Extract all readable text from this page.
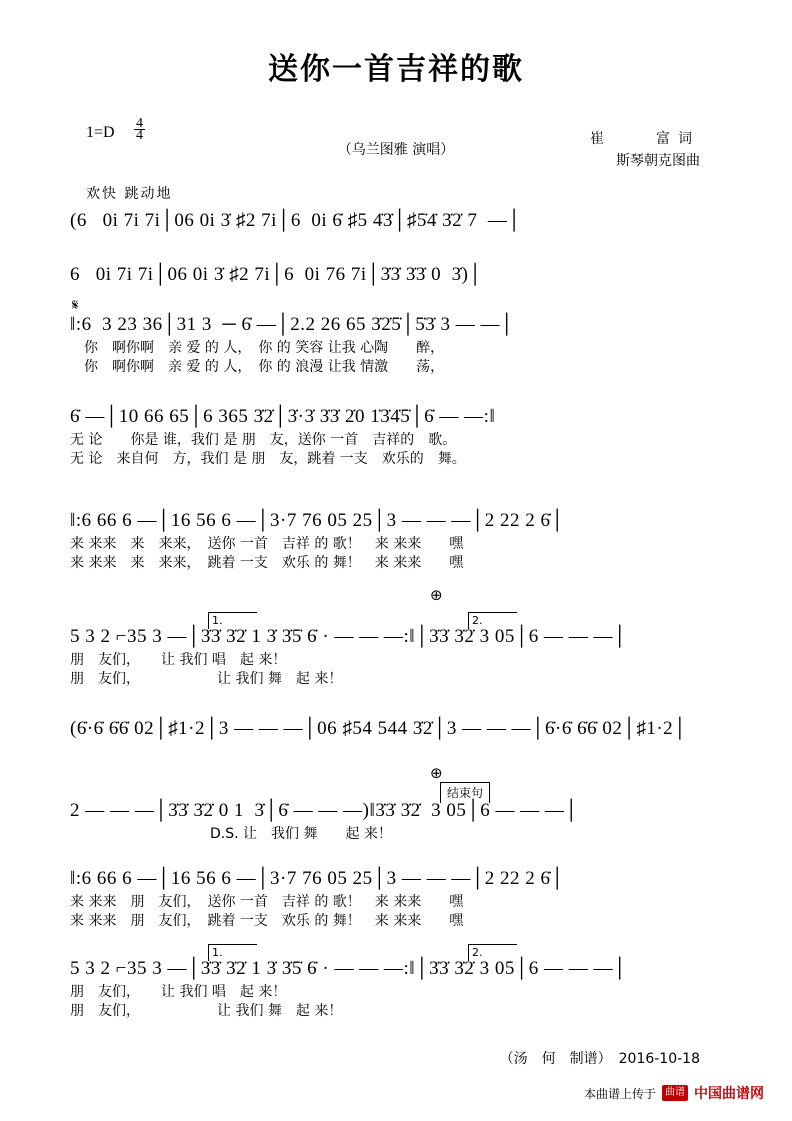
送你一首吉祥的歌
$1=D \frac{4}{4}$
（乌兰图雅 演唱）
崔　　富词
斯琴朝克图曲
欢快 跳动地
(6   0i 7i 7i│06 0i 3̇ ♯2 7i│6  0i 6̇ ♯5 4̇3̇│♯5̇4̇ 3̇2̇ 7  —│
6   0i 7i 7i│06 0i 3̇ ♯2 7i│6  0i 76 7i│3̇3̇ 3̇3̇ 0  3̇)│
𝄋
‖:6  3 23 36│31 3  ─ 6̇ —│2.2 26 65 3̇2̇5̇│5̇3̇ 3 — —│
　你　啊你啊　亲 爱 的 人，　你 的 笑容 让我 心陶　　醉，
　你　啊你啊　亲 爱 的 人，　你 的 浪漫 让我 情激　　荡，
6̇ —│10 66 65│6 365 3̇2̇│3̇·3̇ 3̇3̇ 2̇0 1̇3̇4̇5̇│6̇ — —:‖
无 论　　你是 谁，我们 是 朋　友，送你 一首　吉祥的　歌。
无 论　来自何　方，我们 是 朋　友，跳着 一支　欢乐的　舞。
‖:6 66 6 —│16 56 6 —│3·7 76 05 25│3 — — —│2 22 2 6̇│
来 来来　来　来来，　送你 一首　吉祥 的 歌！　来 来来　　嘿
来 来来　来　来来，　跳着 一支　欢乐 的 舞！　来 来来　　嘿
⊕
1.	2.
5 3 2 ⌐35 3 —│3̇3̇ 3̇2̇ 1 3̇ 3̇5̇ 6̇ · — — —:‖│3̇3̇ 3̇2̇ 3 05│6 — — —│
朋　友们，　　让 我们 唱　起 来！
朋　友们，　　　　　　让 我们 舞　起 来！
(6̇·6̇ 6̇6̇ 02│♯1·2│3 — — —│06 ♯54 544 3̇2̇│3 — — —│6̇·6̇ 6̇6̇ 02│♯1·2│
⊕
结束句
2 — — —│3̇3̇ 3̇2̇ 0 1  3̇│6̇ — — —)‖3̇3̇ 3̇2̇  3 05│6 — — —│
D.S. 让　我们 舞　　起 来！
‖:6 66 6 —│16 56 6 —│3·7 76 05 25│3 — — —│2 22 2 6̇│
来 来来　朋　友们，　送你 一首　吉祥 的 歌！　来 来来　　嘿
来 来来　朋　友们，　跳着 一支　欢乐 的 舞！　来 来来　　嘿
1.	2.
5 3 2 ⌐35 3 —│3̇3̇ 3̇2̇ 1 3̇ 3̇5̇ 6̇ · — — —:‖│3̇3̇ 3̇2̇ 3 05│6 — — —│
朋　友们，　　让 我们 唱　起 来！
朋　友们，　　　　　　让 我们 舞　起 来！
（汤　何　制谱）　2016-10-18
本曲谱上传于 曲谱 中国曲谱网
